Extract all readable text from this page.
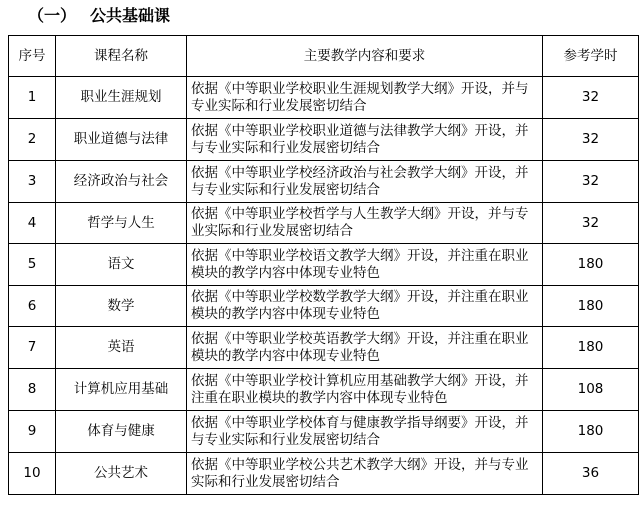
（一） 公共基础课
序号	课程名称	主要教学内容和要求	参考学时
1	职业生涯规划	依据《中等职业学校职业生涯规划教学大纲》开设，并与专业实际和行业发展密切结合	32
2	职业道德与法律	依据《中等职业学校职业道德与法律教学大纲》开设，并与专业实际和行业发展密切结合	32
3	经济政治与社会	依据《中等职业学校经济政治与社会教学大纲》开设，并与专业实际和行业发展密切结合	32
4	哲学与人生	依据《中等职业学校哲学与人生教学大纲》开设，并与专业实际和行业发展密切结合	32
5	语文	依据《中等职业学校语文教学大纲》开设，并注重在职业模块的教学内容中体现专业特色	180
6	数学	依据《中等职业学校数学教学大纲》开设，并注重在职业模块的教学内容中体现专业特色	180
7	英语	依据《中等职业学校英语教学大纲》开设，并注重在职业模块的教学内容中体现专业特色	180
8	计算机应用基础	依据《中等职业学校计算机应用基础教学大纲》开设，并注重在职业模块的教学内容中体现专业特色	108
9	体育与健康	依据《中等职业学校体育与健康教学指导纲要》开设，并与专业实际和行业发展密切结合	180
10	公共艺术	依据《中等职业学校公共艺术教学大纲》开设，并与专业实际和行业发展密切结合	36
